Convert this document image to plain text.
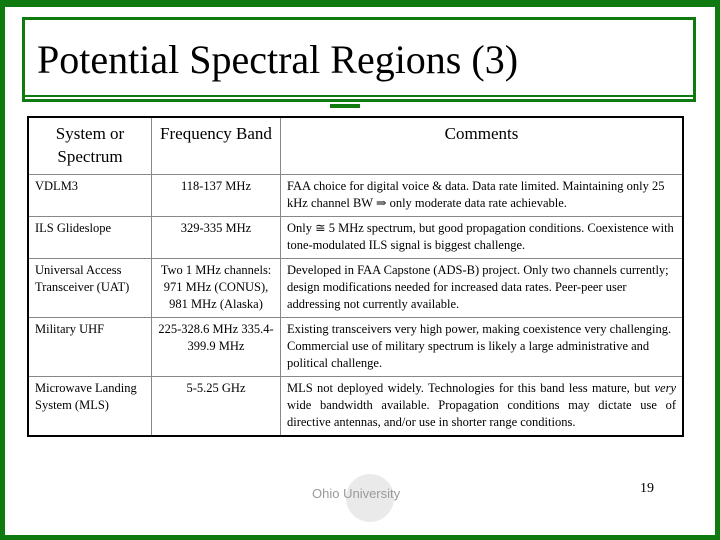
Potential Spectral Regions (3)
System or Spectrum	Frequency Band	Comments
VDLM3	118-137 MHz	FAA choice for digital voice & data. Data rate limited. Maintaining only 25 kHz channel BW ⇒ only moderate data rate achievable.
ILS Glideslope	329-335 MHz	Only ≅ 5 MHz spectrum, but good propagation conditions. Coexistence with tone-modulated ILS signal is biggest challenge.
Universal Access Transceiver (UAT)	Two 1 MHz channels: 971 MHz (CONUS), 981 MHz (Alaska)	Developed in FAA Capstone (ADS-B) project. Only two channels currently; design modifications needed for increased data rates. Peer-peer user addressing not currently available.
Military UHF	225-328.6 MHz 335.4-399.9 MHz	Existing transceivers very high power, making coexistence very challenging. Commercial use of military spectrum is likely a large administrative and political challenge.
Microwave Landing System (MLS)	5-5.25 GHz	MLS not deployed widely. Technologies for this band less mature, but very wide bandwidth available. Propagation conditions may dictate use of directive antennas, and/or use in shorter range conditions.
Ohio University	19
